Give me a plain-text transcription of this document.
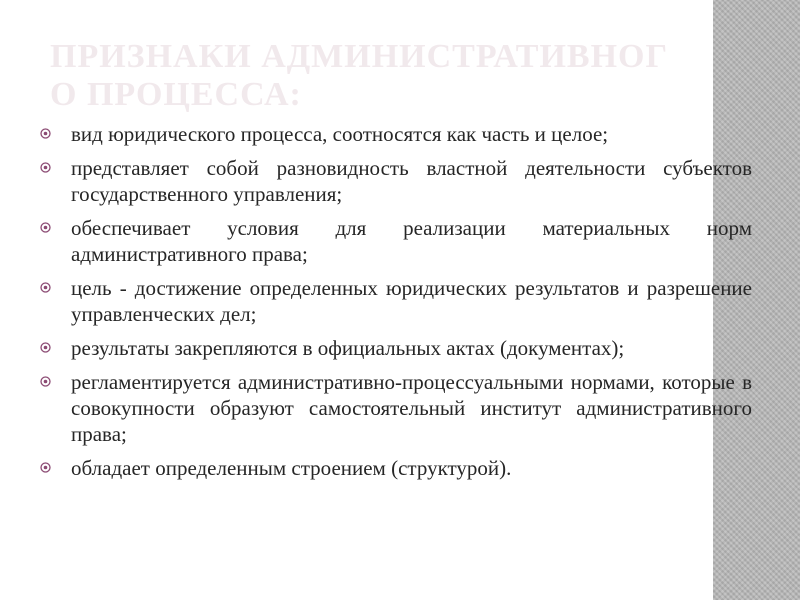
ПРИЗНАКИ АДМИНИСТРАТИВНОГО ПРОЦЕССА:
вид юридического процесса, соотносятся как часть и целое;
представляет собой разновидность властной деятельности субъектов государственного управления;
обеспечивает условия для реализации материальных норм административного права;
цель - достижение определенных юридических результатов и разрешение управленческих дел;
результаты закрепляются в официальных актах (документах);
регламентируется административно-процессуальными нормами, которые в совокупности образуют самостоятельный институт административного права;
обладает определенным строением (структурой).
